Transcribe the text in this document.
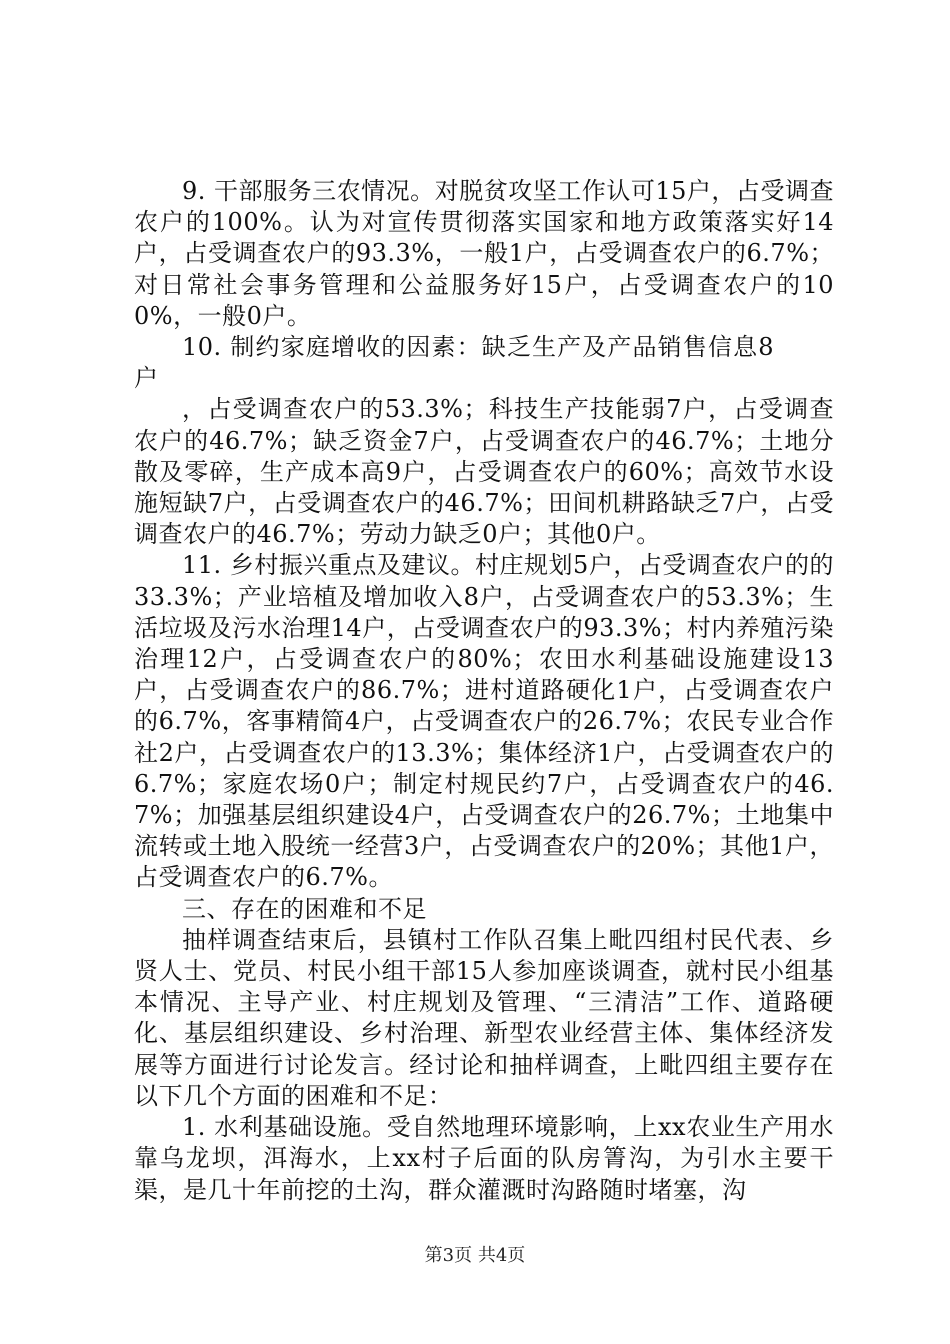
9. 干部服务三农情况。对脱贫攻坚工作认可15户，占受调查农户的100%。认为对宣传贯彻落实国家和地方政策落实好14户，占受调查农户的93.3%，一般1户，占受调查农户的6.7%；对日常社会事务管理和公益服务好15户，占受调查农户的100%，一般0户。

10. 制约家庭增收的因素：缺乏生产及产品销售信息8户

，占受调查农户的53.3%；科技生产技能弱7户，占受调查农户的46.7%；缺乏资金7户，占受调查农户的46.7%；土地分散及零碎，生产成本高9户，占受调查农户的60%；高效节水设施短缺7户，占受调查农户的46.7%；田间机耕路缺乏7户，占受调查农户的46.7%；劳动力缺乏0户；其他0户。

11. 乡村振兴重点及建议。村庄规划5户，占受调查农户的的33.3%；产业培植及增加收入8户，占受调查农户的53.3%；生活垃圾及污水治理14户，占受调查农户的93.3%；村内养殖污染治理12户，占受调查农户的80%；农田水利基础设施建设13户，占受调查农户的86.7%；进村道路硬化1户，占受调查农户的6.7%，客事精简4户，占受调查农户的26.7%；农民专业合作社2户，占受调查农户的13.3%；集体经济1户，占受调查农户的6.7%；家庭农场0户；制定村规民约7户，占受调查农户的46.7%；加强基层组织建设4户，占受调查农户的26.7%；土地集中流转或土地入股统一经营3户，占受调查农户的20%；其他1户，占受调查农户的6.7%。

三、存在的困难和不足

抽样调查结束后，县镇村工作队召集上毗四组村民代表、乡贤人士、党员、村民小组干部15人参加座谈调查，就村民小组基本情况、主导产业、村庄规划及管理、“三清洁”工作、道路硬化、基层组织建设、乡村治理、新型农业经营主体、集体经济发展等方面进行讨论发言。经讨论和抽样调查，上毗四组主要存在以下几个方面的困难和不足：

1. 水利基础设施。受自然地理环境影响，上xx农业生产用水靠乌龙坝，洱海水，上xx村子后面的队房箐沟，为引水主要干渠，是几十年前挖的土沟，群众灌溉时沟路随时堵塞，沟

第3页 共4页
